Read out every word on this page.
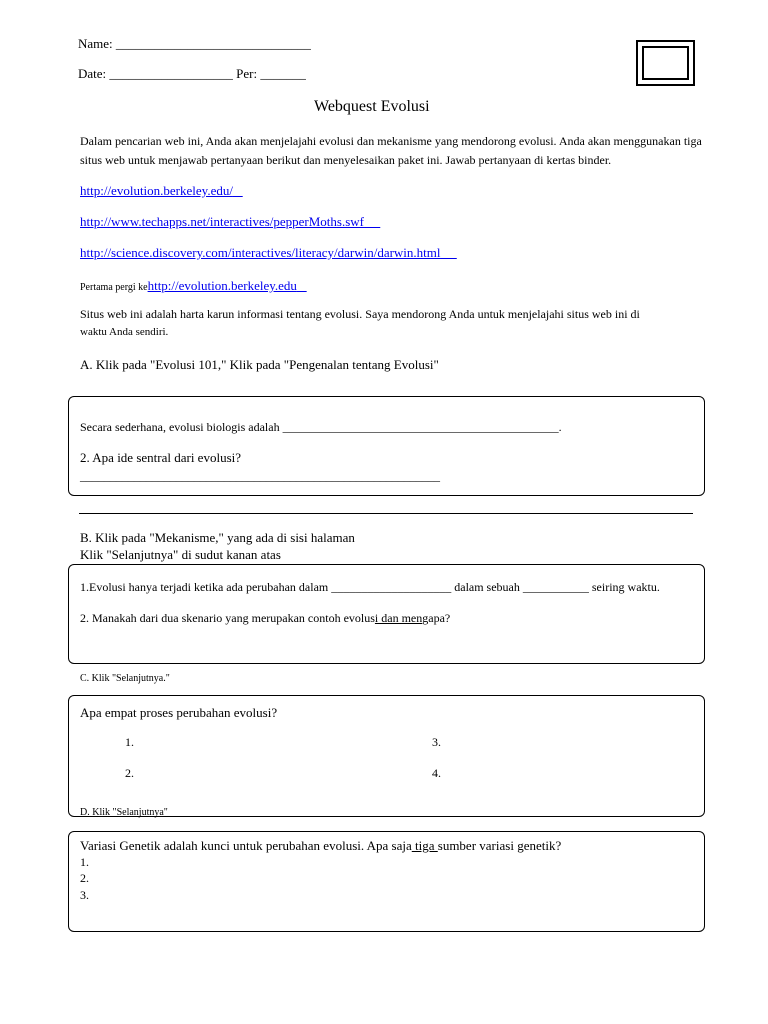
Name: ______________________________
Date: ___________________ Per: _______
Webquest Evolusi
Dalam pencarian web ini, Anda akan menjelajahi evolusi dan mekanisme yang mendorong evolusi. Anda akan menggunakan tiga
situs web untuk menjawab pertanyaan berikut dan menyelesaikan paket ini. Jawab pertanyaan di kertas binder.
http://evolution.berkeley.edu/
http://www.techapps.net/interactives/pepperMoths.swf
http://science.discovery.com/interactives/literacy/darwin/darwin.html
Pertama pergi kehttp://evolution.berkeley.edu
Situs web ini adalah harta karun informasi tentang evolusi. Saya mendorong Anda untuk menjelajahi situs web ini di
waktu Anda sendiri.
A. Klik pada "Evolusi 101," Klik pada "Pengenalan tentang Evolusi"
Secara sederhana, evolusi biologis adalah ______________________________________________.
2. Apa ide sentral dari evolusi?
____________________________________________________________
B. Klik pada "Mekanisme," yang ada di sisi halaman
Klik "Selanjutnya" di sudut kanan atas
1.Evolusi hanya terjadi ketika ada perubahan dalam ____________________ dalam sebuah ___________ seiring waktu.
2. Manakah dari dua skenario yang merupakan contoh evolusi dan mengapa?
C. Klik "Selanjutnya."
Apa empat proses perubahan evolusi?
1.	3.
2.	4.
D. Klik "Selanjutnya"
Variasi Genetik adalah kunci untuk perubahan evolusi. Apa saja tiga sumber variasi genetik?
1.
2.
3.
